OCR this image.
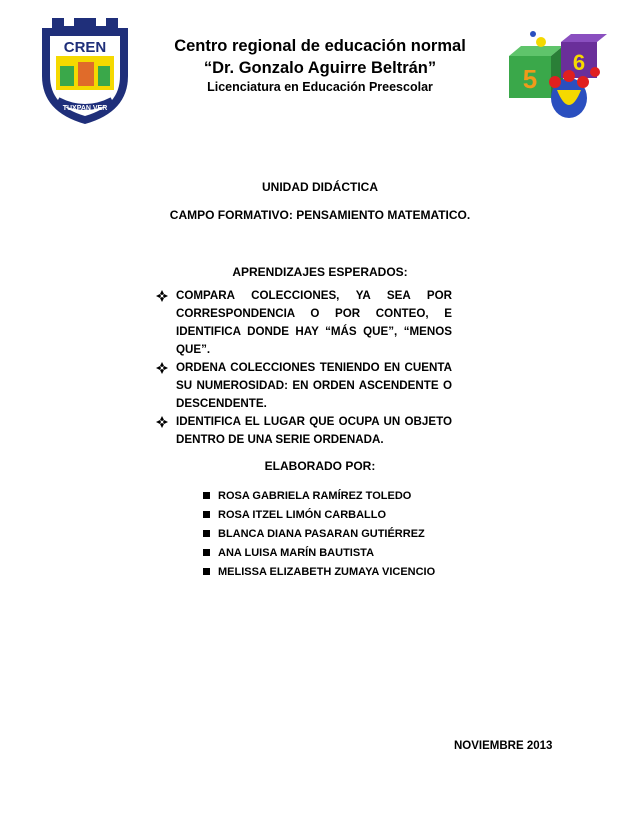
CREN
TUXPAN VER
Centro regional de educación normal
“Dr. Gonzalo Aguirre Beltrán”
Licenciatura en Educación Preescolar	5
6
UNIDAD DIDÁCTICA
CAMPO FORMATIVO: PENSAMIENTO MATEMATICO.
APRENDIZAJES ESPERADOS:
COMPARA COLECCIONES, YA SEA POR CORRESPONDENCIA O POR CONTEO, E IDENTIFICA DONDE HAY “MÁS QUE”, “MENOS QUE”.
ORDENA COLECCIONES TENIENDO EN CUENTA SU NUMEROSIDAD: EN ORDEN ASCENDENTE O DESCENDENTE.
IDENTIFICA EL LUGAR QUE OCUPA UN OBJETO DENTRO DE UNA SERIE ORDENADA.
ELABORADO POR:
ROSA GABRIELA RAMÍREZ TOLEDO
ROSA ITZEL LIMÓN CARBALLO
BLANCA DIANA PASARAN GUTIÉRREZ
ANA LUISA MARÍN BAUTISTA
MELISSA ELIZABETH ZUMAYA VICENCIO
NOVIEMBRE 2013
